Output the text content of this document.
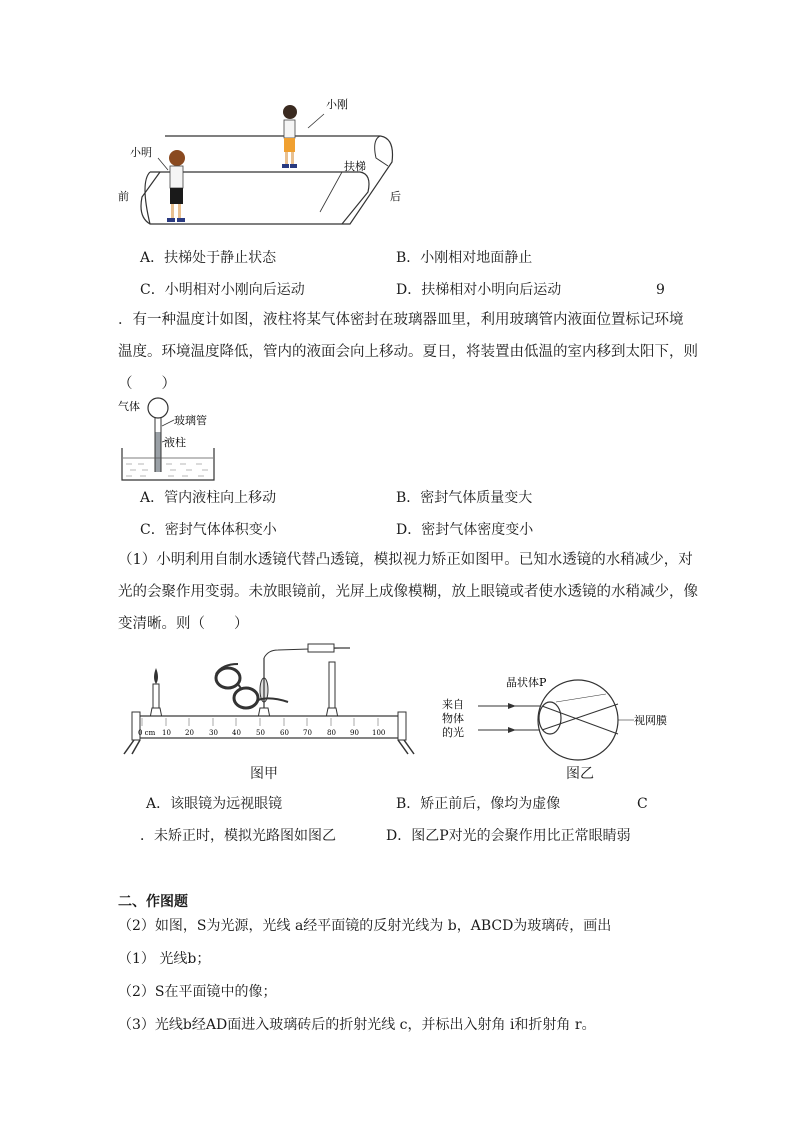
小刚
小明
扶梯
前	后
A．扶梯处于静止状态	B．小刚相对地面静止
C．小明相对小刚向后运动	D．扶梯相对小明向后运动	9
．有一种温度计如图，液柱将某气体密封在玻璃器皿里，利用玻璃管内液面位置标记环境
温度。环境温度降低，管内的液面会向上移动。夏日，将装置由低温的室内移到太阳下，则
（　　）
气体
玻璃管
液柱
A．管内液柱向上移动	B．密封气体质量变大
C．密封气体体积变小	D．密封气体密度变小
（1）小明利用自制水透镜代替凸透镜，模拟视力矫正如图甲。已知水透镜的水稍减少，对
光的会聚作用变弱。未放眼镜前，光屏上成像模糊，放上眼镜或者使水透镜的水稍减少，像
变清晰。则（　　）
0 cm 10 20 30 40 50 60 70 80 90 100
晶状体P
来自
物体
的光
视网膜
图甲	图乙
A．该眼镜为远视眼镜	B．矫正前后，像均为虚像	C
．未矫正时，模拟光路图如图乙	D．图乙P对光的会聚作用比正常眼睛弱
二、作图题
（2）如图，S为光源，光线 a经平面镜的反射光线为 b，ABCD为玻璃砖，画出
（1） 光线b；
（2）S在平面镜中的像；
（3）光线b经AD面进入玻璃砖后的折射光线 c，并标出入射角 i和折射角 r。
